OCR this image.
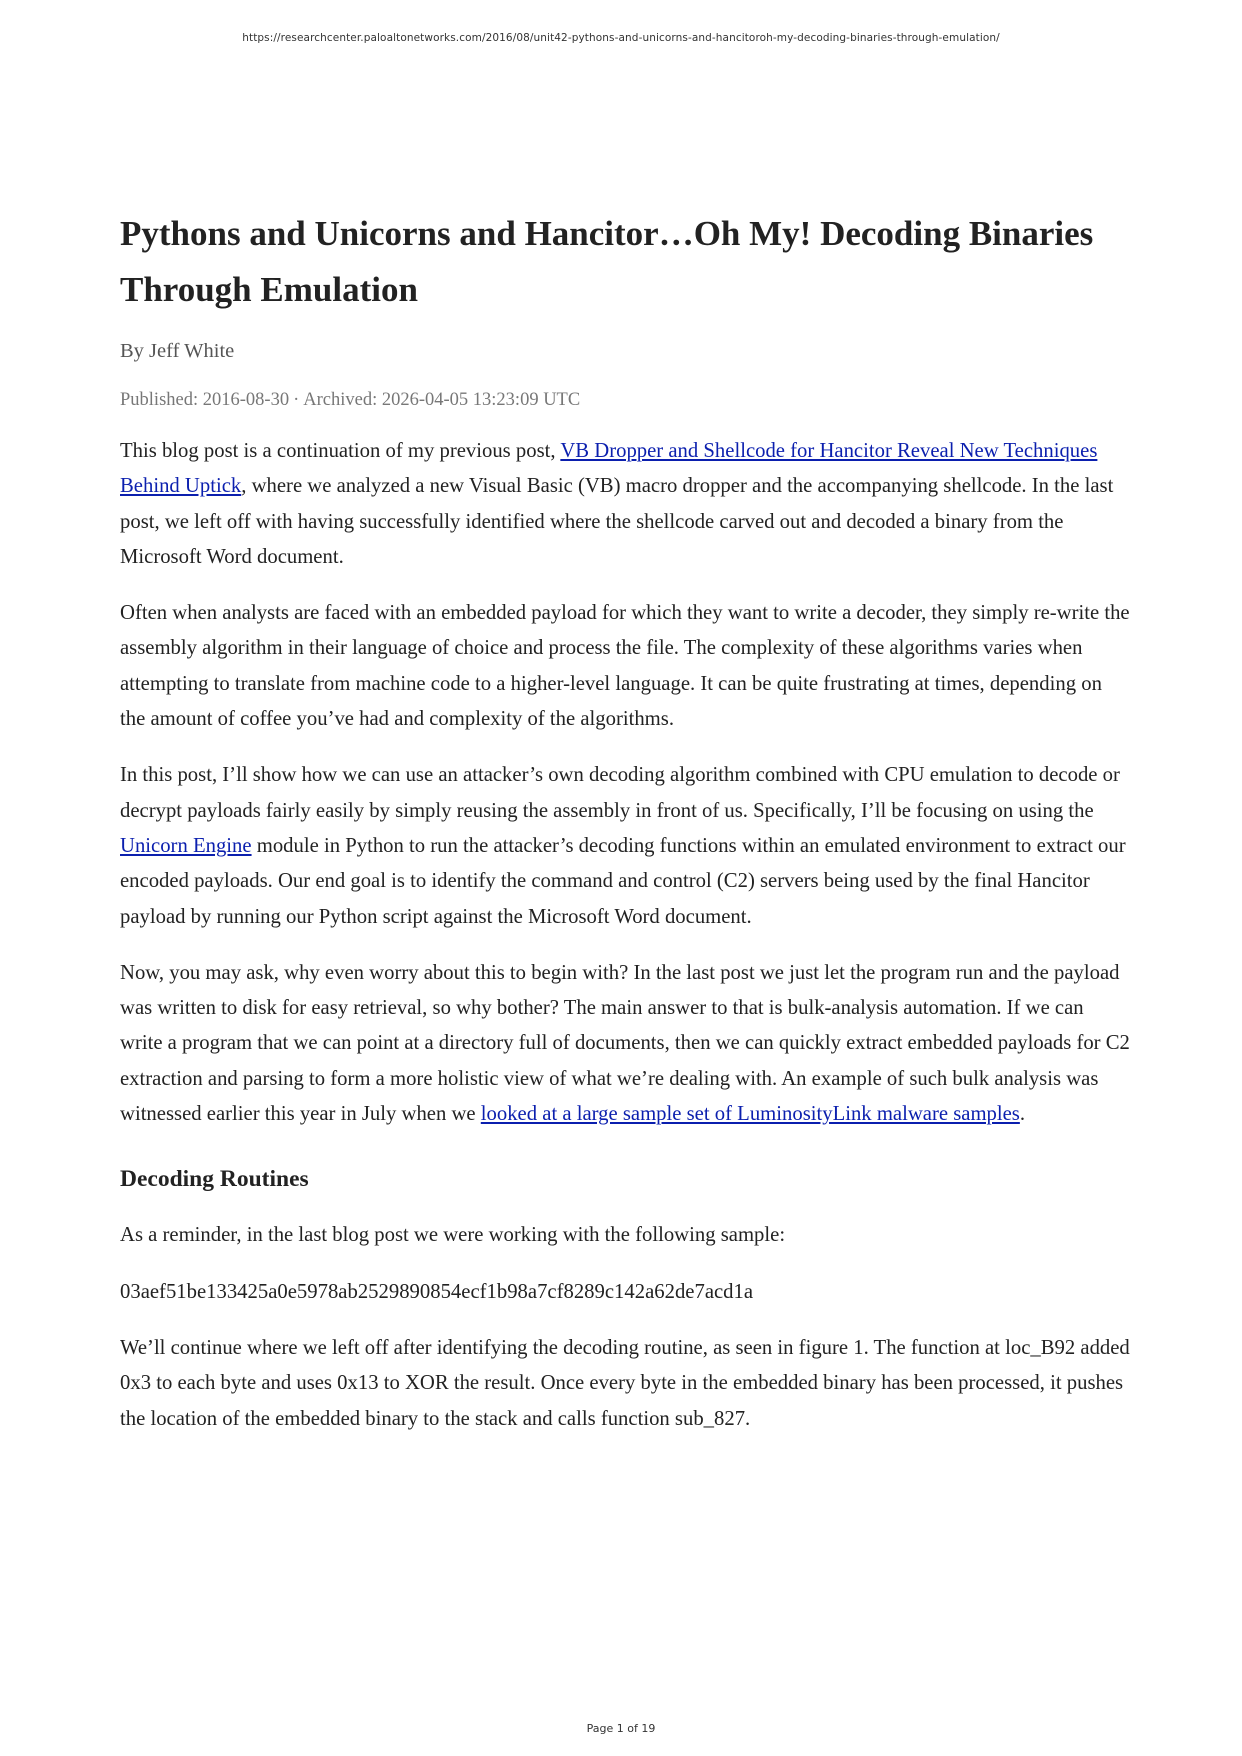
https://researchcenter.paloaltonetworks.com/2016/08/unit42-pythons-and-unicorns-and-hancitoroh-my-decoding-binaries-through-emulation/
Pythons and Unicorns and Hancitor…Oh My! Decoding Binaries
Through Emulation
By Jeff White
Published: 2016-08-30 · Archived: 2026-04-05 13:23:09 UTC

This blog post is a continuation of my previous post, VB Dropper and Shellcode for Hancitor Reveal New Techniques Behind Uptick, where we analyzed a new Visual Basic (VB) macro dropper and the accompanying shellcode. In the last post, we left off with having successfully identified where the shellcode carved out and decoded a binary from the Microsoft Word document.

Often when analysts are faced with an embedded payload for which they want to write a decoder, they simply re-write the assembly algorithm in their language of choice and process the file. The complexity of these algorithms varies when attempting to translate from machine code to a higher-level language. It can be quite frustrating at times, depending on the amount of coffee you’ve had and complexity of the algorithms.

In this post, I’ll show how we can use an attacker’s own decoding algorithm combined with CPU emulation to decode or decrypt payloads fairly easily by simply reusing the assembly in front of us. Specifically, I’ll be focusing on using the Unicorn Engine module in Python to run the attacker’s decoding functions within an emulated environment to extract our encoded payloads. Our end goal is to identify the command and control (C2) servers being used by the final Hancitor payload by running our Python script against the Microsoft Word document.

Now, you may ask, why even worry about this to begin with? In the last post we just let the program run and the payload was written to disk for easy retrieval, so why bother? The main answer to that is bulk-analysis automation. If we can write a program that we can point at a directory full of documents, then we can quickly extract embedded payloads for C2 extraction and parsing to form a more holistic view of what we’re dealing with. An example of such bulk analysis was witnessed earlier this year in July when we looked at a large sample set of LuminosityLink malware samples.

Decoding Routines

As a reminder, in the last blog post we were working with the following sample:

03aef51be133425a0e5978ab2529890854ecf1b98a7cf8289c142a62de7acd1a

We’ll continue where we left off after identifying the decoding routine, as seen in figure 1. The function at loc_B92 added 0x3 to each byte and uses 0x13 to XOR the result. Once every byte in the embedded binary has been processed, it pushes the location of the embedded binary to the stack and calls function sub_827.

Page 1 of 19
